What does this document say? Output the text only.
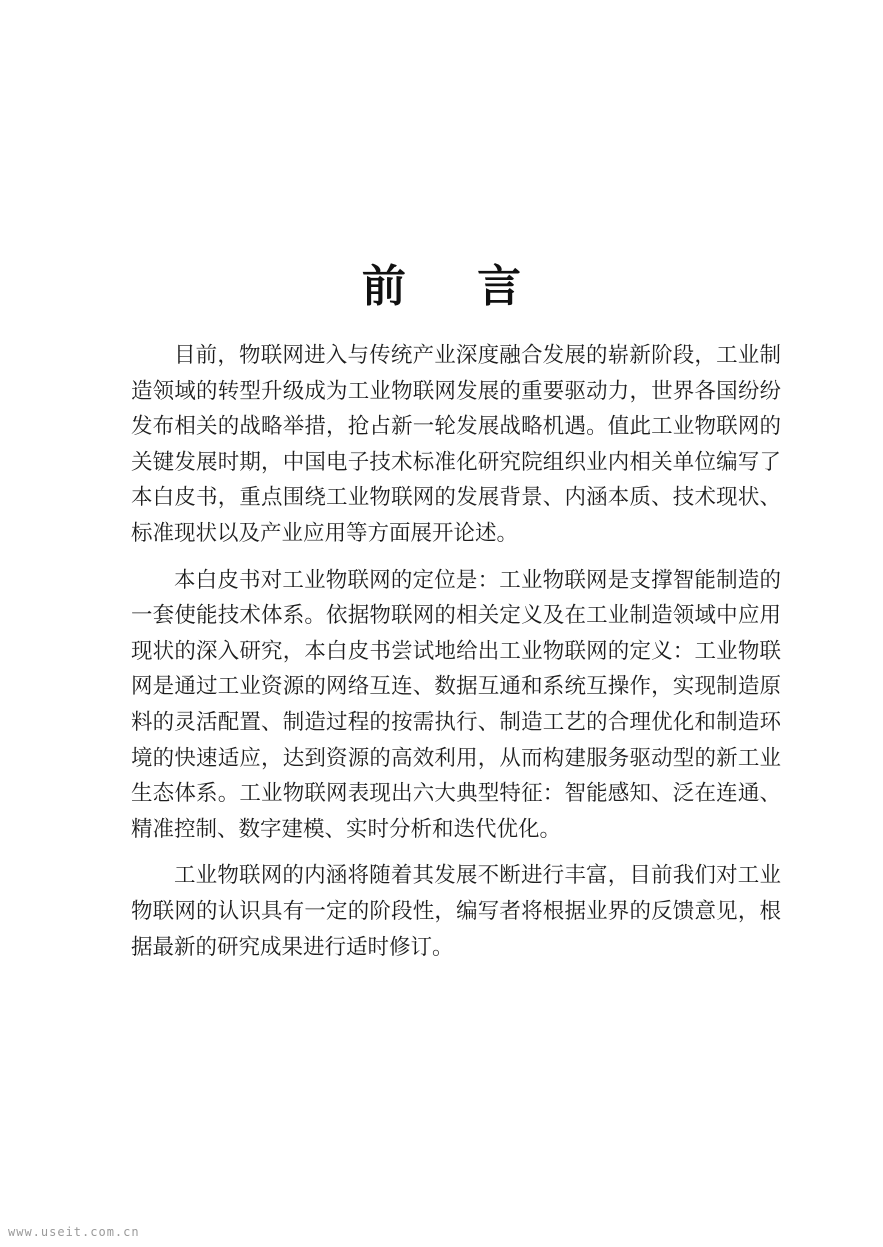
前 言

目前，物联网进入与传统产业深度融合发展的崭新阶段，工业制造领域的转型升级成为工业物联网发展的重要驱动力，世界各国纷纷发布相关的战略举措，抢占新一轮发展战略机遇。值此工业物联网的关键发展时期，中国电子技术标准化研究院组织业内相关单位编写了本白皮书，重点围绕工业物联网的发展背景、内涵本质、技术现状、标准现状以及产业应用等方面展开论述。

本白皮书对工业物联网的定位是：工业物联网是支撑智能制造的一套使能技术体系。依据物联网的相关定义及在工业制造领域中应用现状的深入研究，本白皮书尝试地给出工业物联网的定义：工业物联网是通过工业资源的网络互连、数据互通和系统互操作，实现制造原料的灵活配置、制造过程的按需执行、制造工艺的合理优化和制造环境的快速适应，达到资源的高效利用，从而构建服务驱动型的新工业生态体系。工业物联网表现出六大典型特征：智能感知、泛在连通、精准控制、数字建模、实时分析和迭代优化。

工业物联网的内涵将随着其发展不断进行丰富，目前我们对工业物联网的认识具有一定的阶段性，编写者将根据业界的反馈意见，根据最新的研究成果进行适时修订。

www.useit.com.cn
